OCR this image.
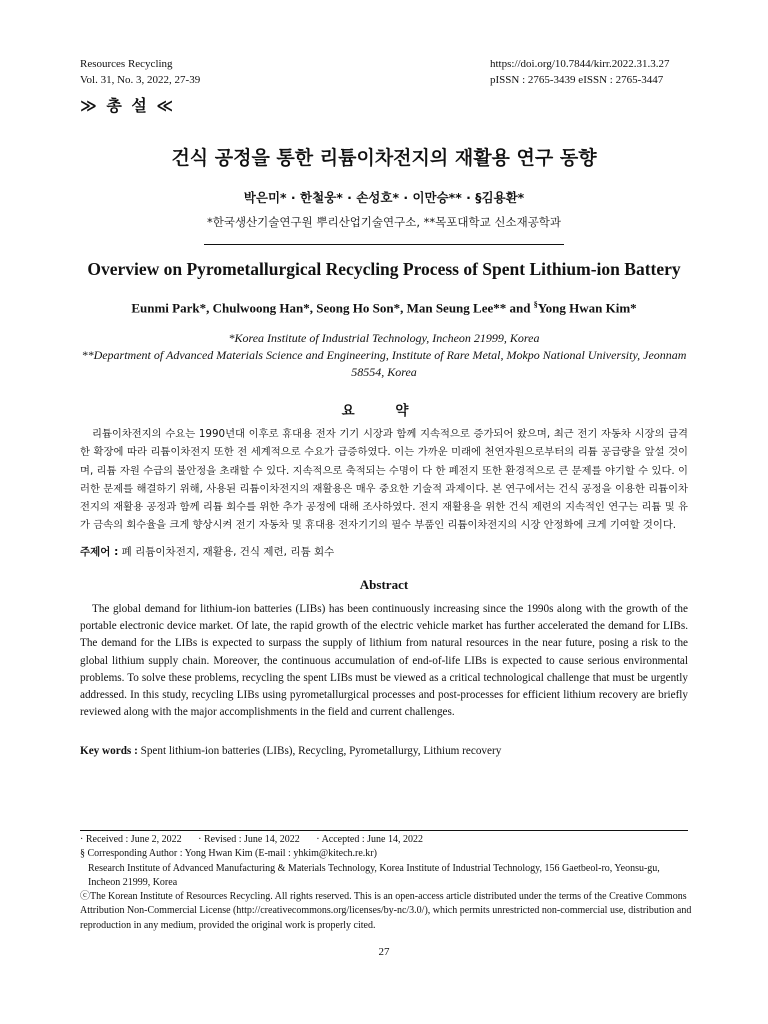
Resources Recycling
Vol. 31, No. 3, 2022, 27-39
https://doi.org/10.7844/kirr.2022.31.3.27
pISSN : 2765-3439 eISSN : 2765-3447
≫ 총 설 ≪
건식 공정을 통한 리튬이차전지의 재활용 연구 동향
박은미* · 한철웅* · 손성호* · 이만승** · §김용환*
*한국생산기술연구원 뿌리산업기술연구소, **목포대학교 신소재공학과
Overview on Pyrometallurgical Recycling Process of Spent Lithium-ion Battery
Eunmi Park*, Chulwoong Han*, Seong Ho Son*, Man Seung Lee** and §Yong Hwan Kim*
*Korea Institute of Industrial Technology, Incheon 21999, Korea
**Department of Advanced Materials Science and Engineering, Institute of Rare Metal, Mokpo National University, Jeonnam 58554, Korea
요 약
리튬이차전지의 수요는 1990년대 이후로 휴대용 전자 기기 시장과 함께 지속적으로 증가되어 왔으며, 최근 전기 자동차 시장의 급격한 확장에 따라 리튬이차전지 또한 전 세계적으로 수요가 급증하였다. 이는 가까운 미래에 천연자원으로부터의 리튬 공급량을 앞설 것이며, 리튬 자원 수급의 불안정을 초래할 수 있다. 지속적으로 축적되는 수명이 다 한 폐전지 또한 환경적으로 큰 문제를 야기할 수 있다. 이러한 문제를 해결하기 위해, 사용된 리튬이차전지의 재활용은 매우 중요한 기술적 과제이다. 본 연구에서는 건식 공정을 이용한 리튬이차전지의 재활용 공정과 함께 리튬 회수를 위한 추가 공정에 대해 조사하였다. 전지 재활용을 위한 건식 제련의 지속적인 연구는 리튬 및 유가 금속의 회수율을 크게 향상시켜 전기 자동차 및 휴대용 전자기기의 필수 부품인 리튬이차전지의 시장 안정화에 크게 기여할 것이다.
주제어 : 폐 리튬이차전지, 재활용, 건식 제련, 리튬 회수
Abstract
The global demand for lithium-ion batteries (LIBs) has been continuously increasing since the 1990s along with the growth of the portable electronic device market. Of late, the rapid growth of the electric vehicle market has further accelerated the demand for LIBs. The demand for the LIBs is expected to surpass the supply of lithium from natural resources in the near future, posing a risk to the global lithium supply chain. Moreover, the continuous accumulation of end-of-life LIBs is expected to cause serious environmental problems. To solve these problems, recycling the spent LIBs must be viewed as a critical technological challenge that must be urgently addressed. In this study, recycling LIBs using pyrometallurgical processes and post-processes for efficient lithium recovery are briefly reviewed along with the major accomplishments in the field and current challenges.
Key words : Spent lithium-ion batteries (LIBs), Recycling, Pyrometallurgy, Lithium recovery
· Received : June 2, 2022 · Revised : June 14, 2022 · Accepted : June 14, 2022
§ Corresponding Author : Yong Hwan Kim (E-mail : yhkim@kitech.re.kr)
Research Institute of Advanced Manufacturing & Materials Technology, Korea Institute of Industrial Technology, 156 Gaetbeol-ro, Yeonsu-gu, Incheon 21999, Korea
ⓒThe Korean Institute of Resources Recycling. All rights reserved. This is an open-access article distributed under the terms of the Creative Commons Attribution Non-Commercial License (http://creativecommons.org/licenses/by-nc/3.0/), which permits unrestricted non-commercial use, distribution and reproduction in any medium, provided the original work is properly cited.
27
